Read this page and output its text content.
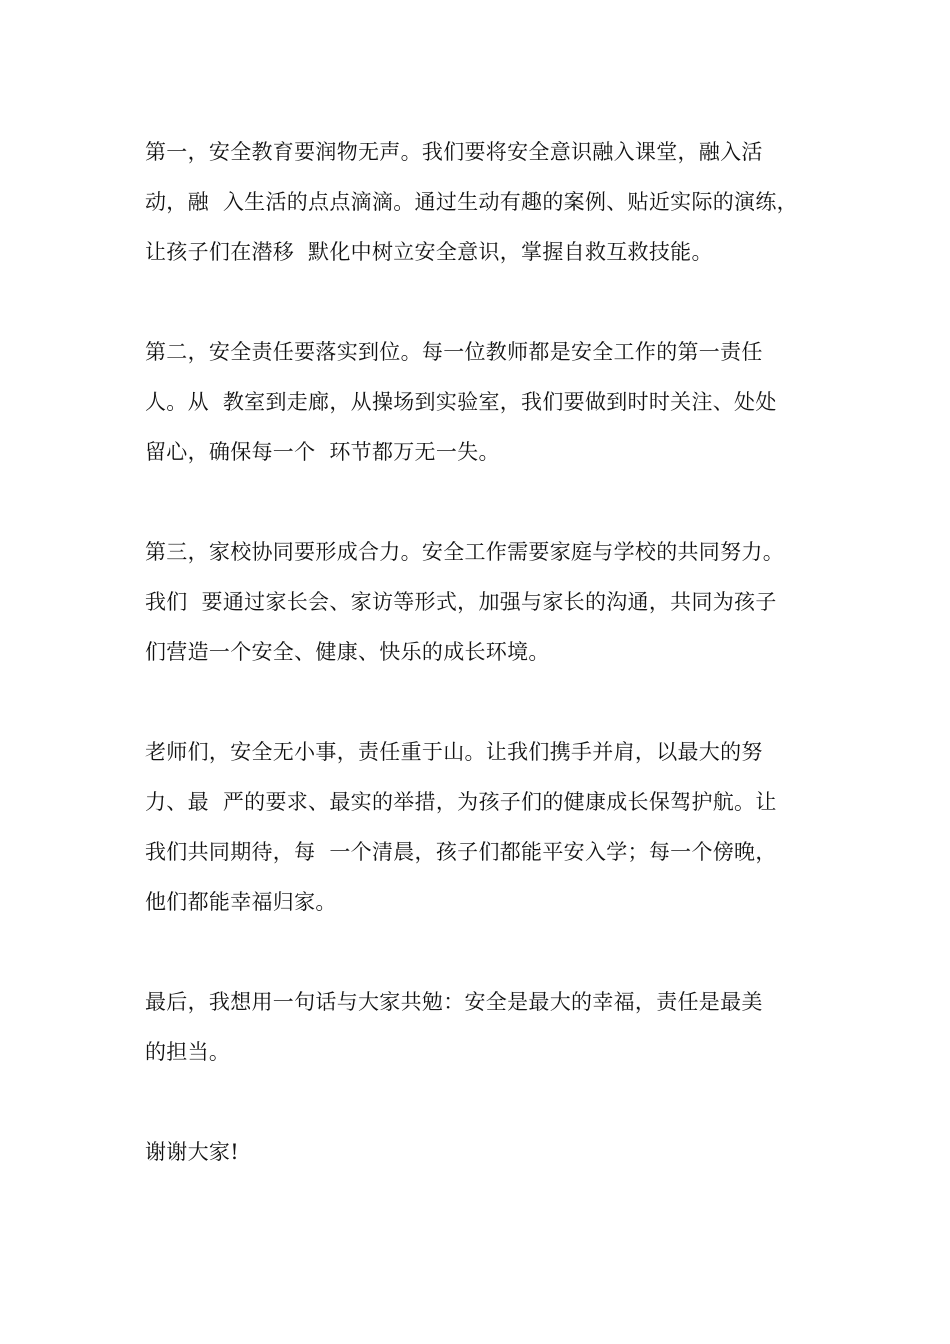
第一，安全教育要润物无声。我们要将安全意识融入课堂，融入活
动，融  入生活的点点滴滴。通过生动有趣的案例、贴近实际的演练，
让孩子们在潜移  默化中树立安全意识，掌握自救互救技能。

第二，安全责任要落实到位。每一位教师都是安全工作的第一责任
人。从  教室到走廊，从操场到实验室，我们要做到时时关注、处处
留心，确保每一个  环节都万无一失。

第三，家校协同要形成合力。安全工作需要家庭与学校的共同努力。
我们  要通过家长会、家访等形式，加强与家长的沟通，共同为孩子
们营造一个安全、健康、快乐的成长环境。

老师们，安全无小事，责任重于山。让我们携手并肩，以最大的努
力、最  严的要求、最实的举措，为孩子们的健康成长保驾护航。让
我们共同期待，每  一个清晨，孩子们都能平安入学；每一个傍晚，
他们都能幸福归家。

最后，我想用一句话与大家共勉：安全是最大的幸福，责任是最美
的担当。

谢谢大家!
